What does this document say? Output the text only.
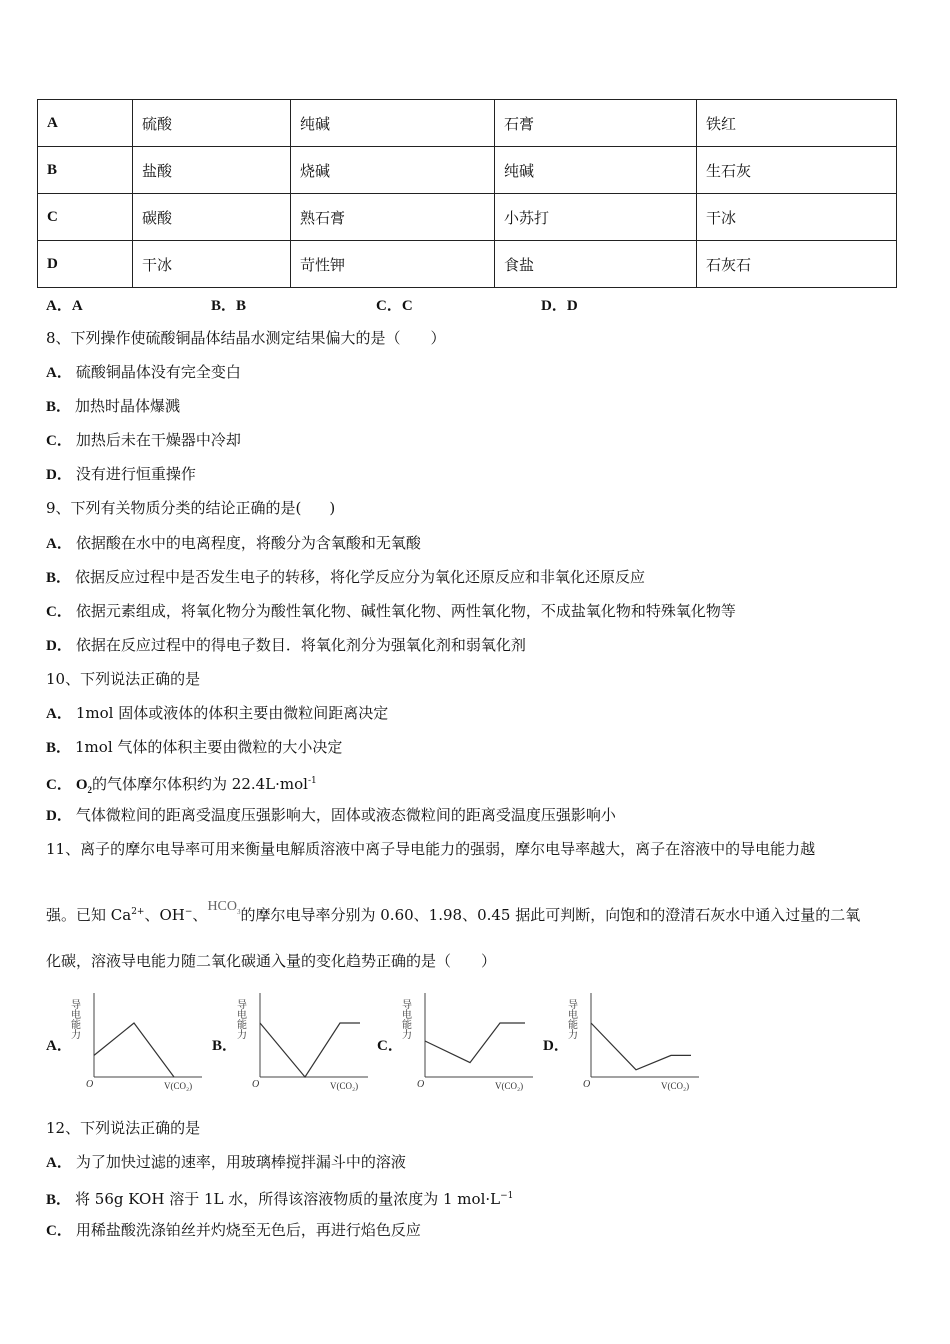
A	硫酸	纯碱	石膏	铁红
B	盐酸	烧碱	纯碱	生石灰
C	碳酸	熟石膏	小苏打	干冰
D	干冰	苛性钾	食盐	石灰石
A．A	B．B	C．C	D．D
8、下列操作使硫酸铜晶体结晶水测定结果偏大的是（　　）
A． 硫酸铜晶体没有完全变白
B． 加热时晶体爆溅
C． 加热后未在干燥器中冷却
D． 没有进行恒重操作
9、下列有关物质分类的结论正确的是( )
A． 依据酸在水中的电离程度，将酸分为含氧酸和无氧酸
B． 依据反应过程中是否发生电子的转移，将化学反应分为氧化还原反应和非氧化还原反应
C． 依据元素组成，将氧化物分为酸性氧化物、碱性氧化物、两性氧化物，不成盐氧化物和特殊氧化物等
D． 依据在反应过程中的得电子数目．将氧化剂分为强氧化剂和弱氧化剂
10、下列说法正确的是
A． 1mol 固体或液体的体积主要由微粒间距离决定
B． 1mol 气体的体积主要由微粒的大小决定
C． $O_2$的气体摩尔体积约为 22.4L·mol$^{-1}$
D． 气体微粒间的距离受温度压强影响大，固体或液态微粒间的距离受温度压强影响小
11、离子的摩尔电导率可用来衡量电解质溶液中离子导电能力的强弱，摩尔电导率越大，离子在溶液中的导电能力越
强。已知 $Ca^{2+}$、OH−、$HCO_3$的摩尔电导率分别为 0.60、1.98、0.45 据此可判断，向饱和的澄清石灰水中通入过量的二氧
化碳，溶液导电能力随二氧化碳通入量的变化趋势正确的是（　　）
A．	B．	C．	D．
O	V(CO₂)
导电能力
O	V(CO₂)
导电能力
O	V(CO₂)
导电能力
O	V(CO₂)
导电能力
12、下列说法正确的是
A． 为了加快过滤的速率，用玻璃棒搅拌漏斗中的溶液
B． 将 56g KOH 溶于 1L 水，所得该溶液物质的量浓度为 1 $mol\cdot L^{-1}$
C． 用稀盐酸洗涤铂丝并灼烧至无色后，再进行焰色反应
